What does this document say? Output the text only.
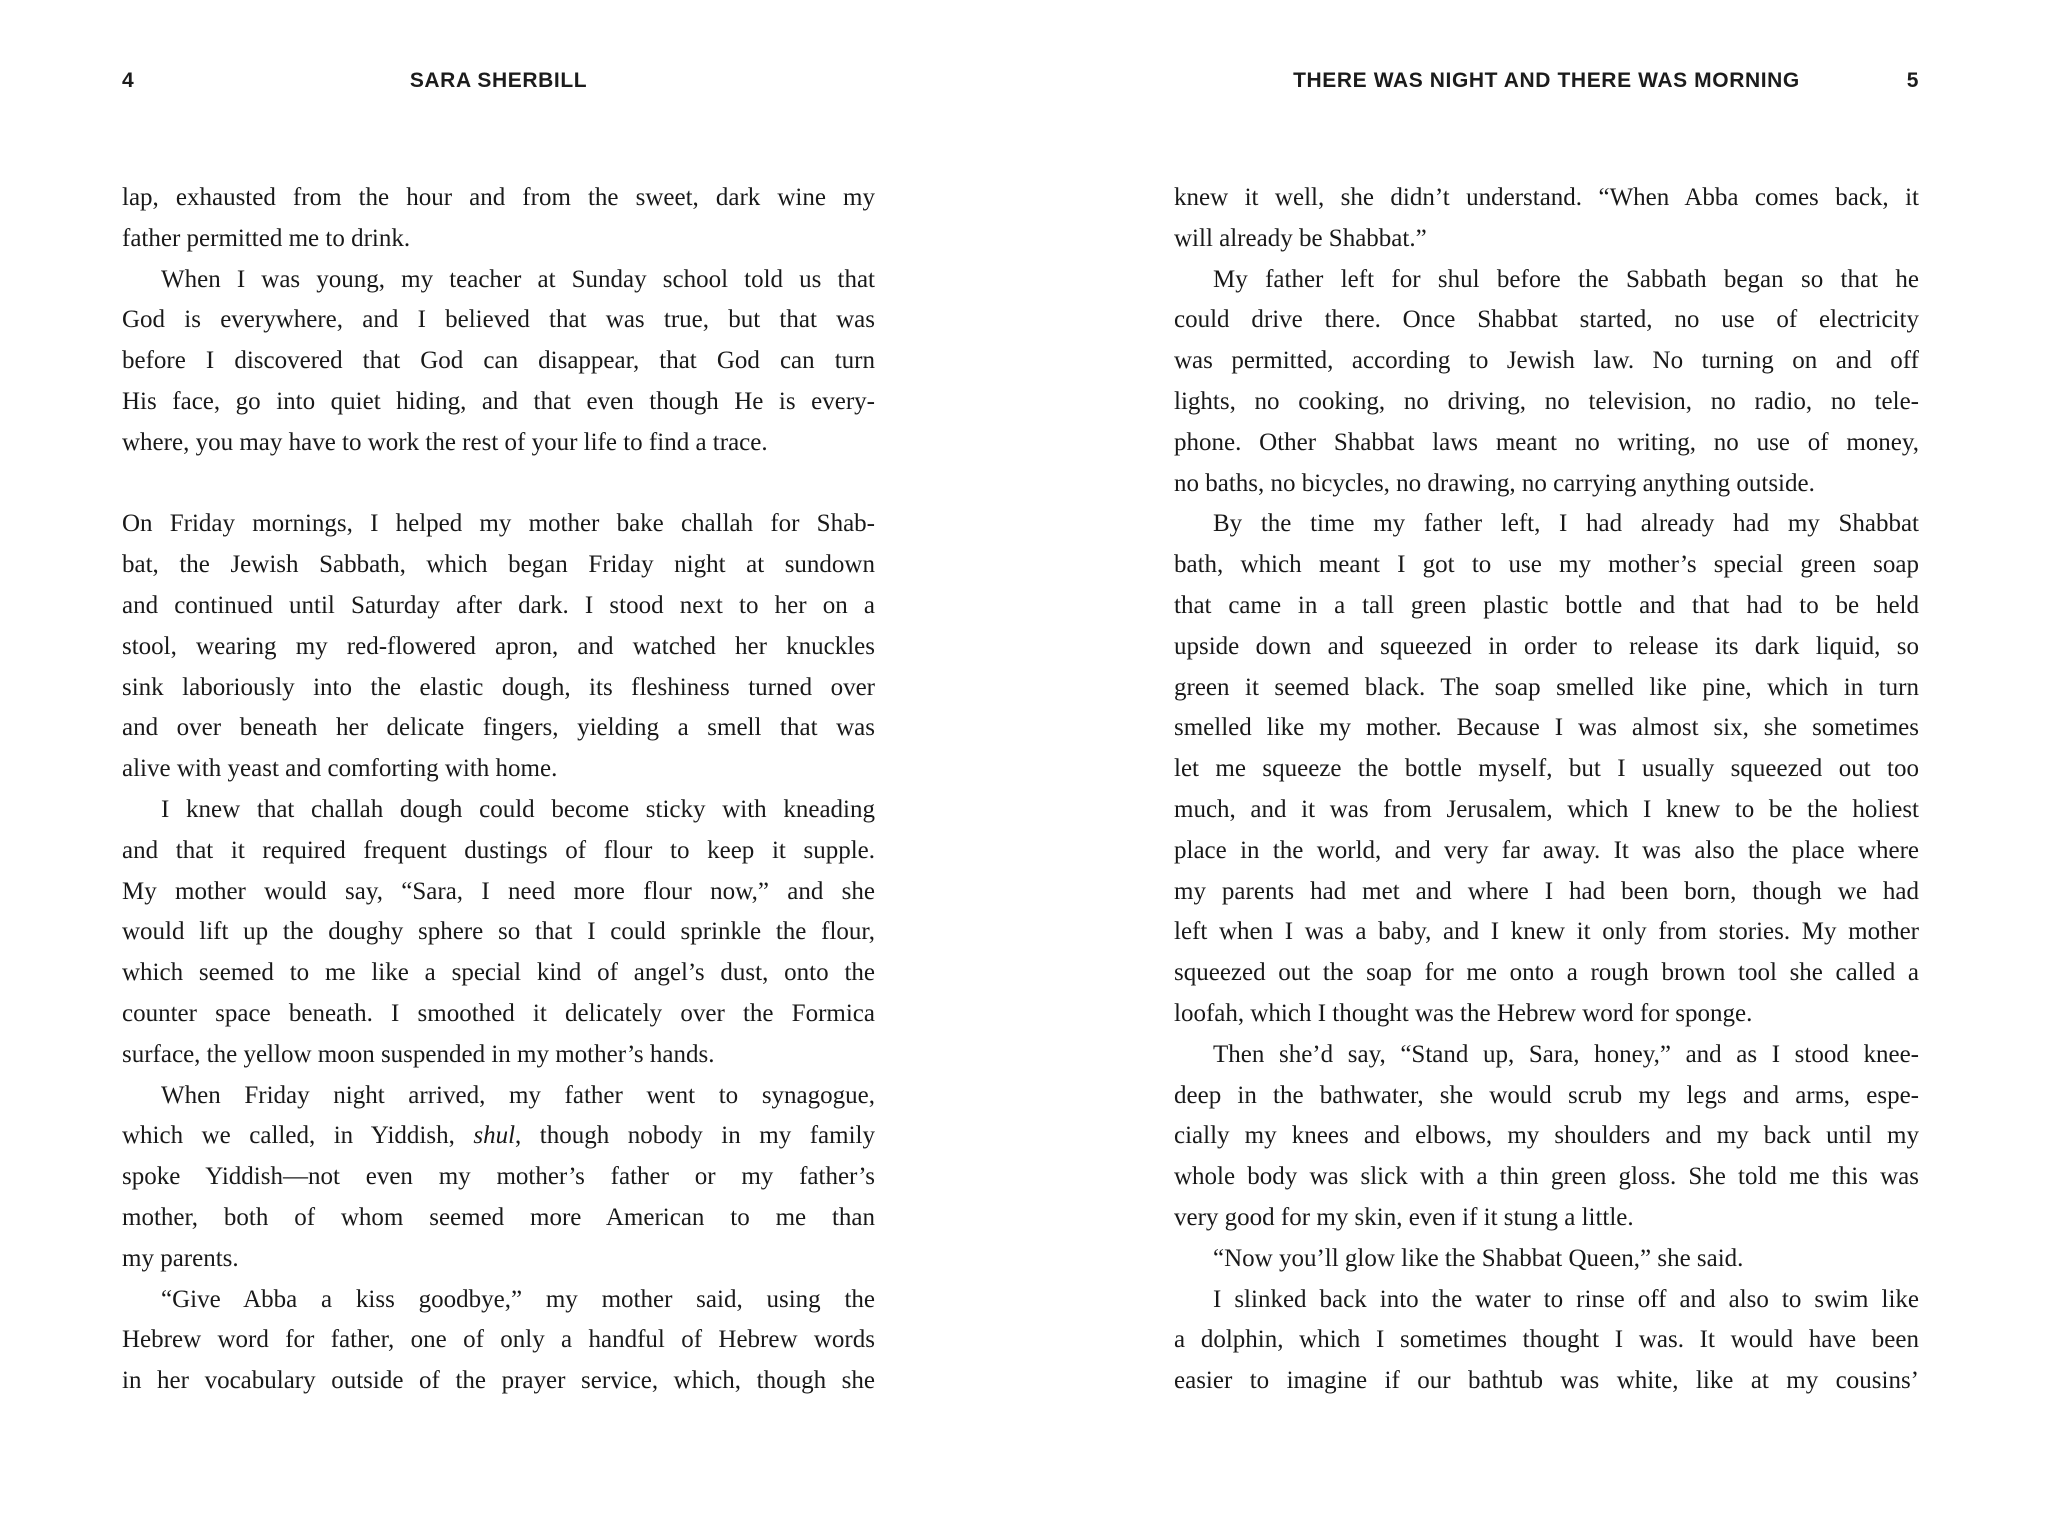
4	SARA SHERBILL	THERE WAS NIGHT AND THERE WAS MORNING	5
lap, exhausted from the hour and from the sweet, dark wine my
father permitted me to drink.
When I was young, my teacher at Sunday school told us that
God is everywhere, and I believed that was true, but that was
before I discovered that God can disappear, that God can turn
His face, go into quiet hiding, and that even though He is every-
where, you may have to work the rest of your life to find a trace.
On Friday mornings, I helped my mother bake challah for Shab-
bat, the Jewish Sabbath, which began Friday night at sundown
and continued until Saturday after dark. I stood next to her on a
stool, wearing my red-flowered apron, and watched her knuckles
sink laboriously into the elastic dough, its fleshiness turned over
and over beneath her delicate fingers, yielding a smell that was
alive with yeast and comforting with home.
I knew that challah dough could become sticky with kneading
and that it required frequent dustings of flour to keep it supple.
My mother would say, “Sara, I need more flour now,” and she
would lift up the doughy sphere so that I could sprinkle the flour,
which seemed to me like a special kind of angel’s dust, onto the
counter space beneath. I smoothed it delicately over the Formica
surface, the yellow moon suspended in my mother’s hands.
When Friday night arrived, my father went to synagogue,
which we called, in Yiddish, shul, though nobody in my family
spoke Yiddish—not even my mother’s father or my father’s
mother, both of whom seemed more American to me than
my parents.
“Give Abba a kiss goodbye,” my mother said, using the
Hebrew word for father, one of only a handful of Hebrew words
in her vocabulary outside of the prayer service, which, though she
knew it well, she didn’t understand. “When Abba comes back, it
will already be Shabbat.”
My father left for shul before the Sabbath began so that he
could drive there. Once Shabbat started, no use of electricity
was permitted, according to Jewish law. No turning on and off
lights, no cooking, no driving, no television, no radio, no tele-
phone. Other Shabbat laws meant no writing, no use of money,
no baths, no bicycles, no drawing, no carrying anything outside.
By the time my father left, I had already had my Shabbat
bath, which meant I got to use my mother’s special green soap
that came in a tall green plastic bottle and that had to be held
upside down and squeezed in order to release its dark liquid, so
green it seemed black. The soap smelled like pine, which in turn
smelled like my mother. Because I was almost six, she sometimes
let me squeeze the bottle myself, but I usually squeezed out too
much, and it was from Jerusalem, which I knew to be the holiest
place in the world, and very far away. It was also the place where
my parents had met and where I had been born, though we had
left when I was a baby, and I knew it only from stories. My mother
squeezed out the soap for me onto a rough brown tool she called a
loofah, which I thought was the Hebrew word for sponge.
Then she’d say, “Stand up, Sara, honey,” and as I stood knee-
deep in the bathwater, she would scrub my legs and arms, espe-
cially my knees and elbows, my shoulders and my back until my
whole body was slick with a thin green gloss. She told me this was
very good for my skin, even if it stung a little.
“Now you’ll glow like the Shabbat Queen,” she said.
I slinked back into the water to rinse off and also to swim like
a dolphin, which I sometimes thought I was. It would have been
easier to imagine if our bathtub was white, like at my cousins’
